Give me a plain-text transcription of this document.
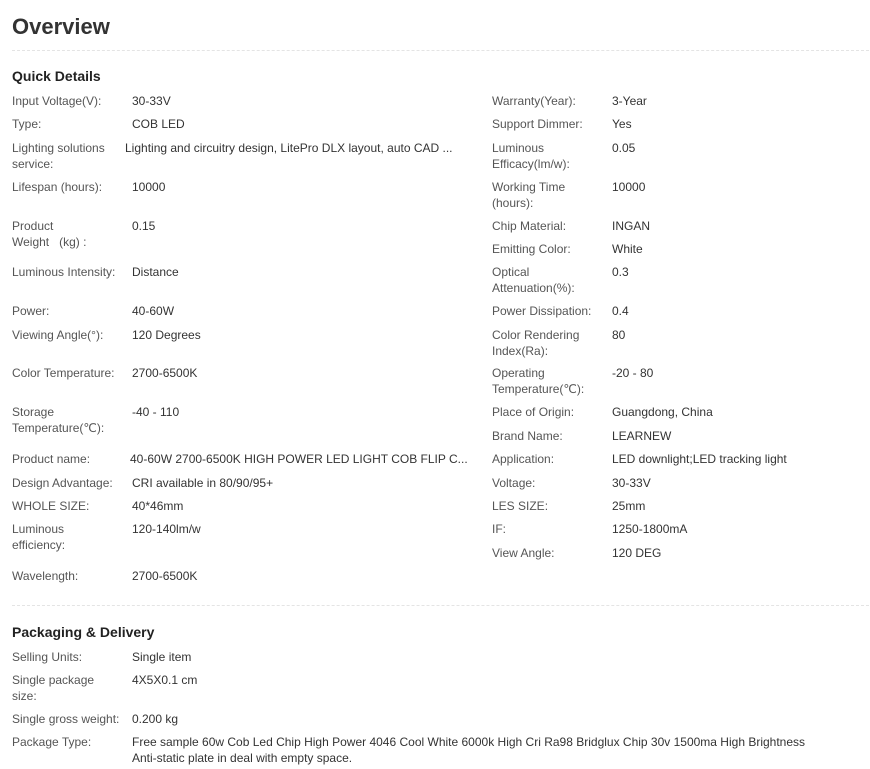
Overview
Quick Details
Input Voltage(V):	30-33V
Type:	COB LED
Lighting solutions service:
Lighting and circuitry design, LitePro DLX layout, auto CAD ...
Lifespan (hours):	10000
Product Weight   (kg) :
0.15
Luminous Intensity:	Distance
Power:	40-60W
Viewing Angle(°):	120 Degrees
Color Temperature:	2700-6500K
Storage Temperature(℃):
-40 - 110
Product name:	40-60W 2700-6500K HIGH POWER LED LIGHT COB FLIP C...
Design Advantage:	CRI available in 80/90/95+
WHOLE SIZE:	40*46mm
Luminous efficiency:
120-140lm/w
Wavelength:	2700-6500K
Warranty(Year):	3-Year
Support Dimmer:	Yes
Luminous Efficacy(lm/w):
0.05
Working Time (hours):
10000
Chip Material:	INGAN
Emitting Color:	White
Optical Attenuation(%):
0.3
Power Dissipation:	0.4
Color Rendering Index(Ra):
80
Operating Temperature(℃):
-20 - 80
Place of Origin:	Guangdong, China
Brand Name:	LEARNEW
Application:	LED downlight;LED tracking light
Voltage:	30-33V
LES SIZE:	25mm
IF:	1250-1800mA
View Angle:	120 DEG
Packaging & Delivery
Selling Units:	Single item
Single package size:
4X5X0.1 cm
Single gross weight:	0.200 kg
Package Type:	Free sample 60w Cob Led Chip High Power 4046 Cool White 6000k High Cri Ra98 Bridglux Chip 30v 1500ma High Brightness Anti-static plate in deal with empty space.
